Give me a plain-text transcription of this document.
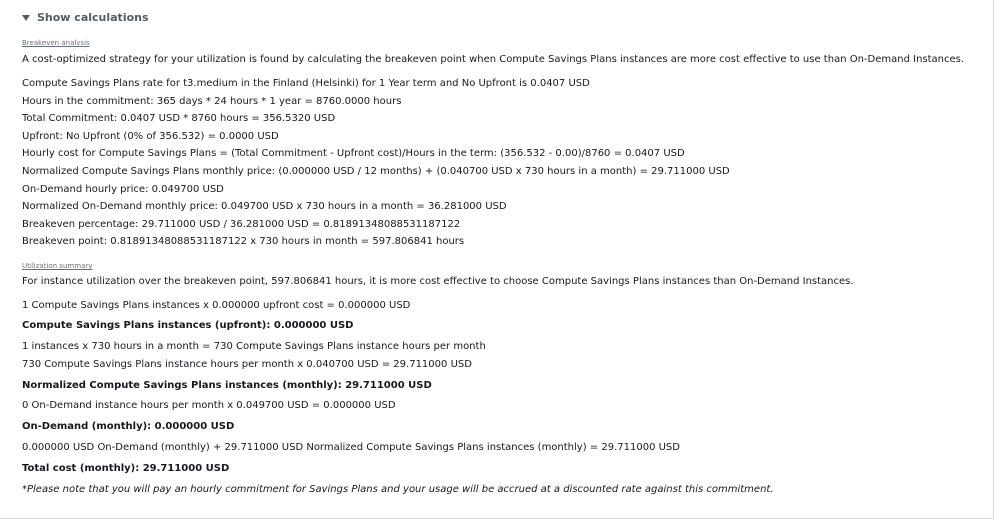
Show calculations
Breakeven analysis
A cost-optimized strategy for your utilization is found by calculating the breakeven point when Compute Savings Plans instances are more cost effective to use than On-Demand Instances.
Compute Savings Plans rate for t3.medium in the Finland (Helsinki) for 1 Year term and No Upfront is 0.0407 USD
Hours in the commitment: 365 days * 24 hours * 1 year = 8760.0000 hours
Total Commitment: 0.0407 USD * 8760 hours = 356.5320 USD
Upfront: No Upfront (0% of 356.532) = 0.0000 USD
Hourly cost for Compute Savings Plans = (Total Commitment - Upfront cost)/Hours in the term: (356.532 - 0.00)/8760 = 0.0407 USD
Normalized Compute Savings Plans monthly price: (0.000000 USD / 12 months) + (0.040700 USD x 730 hours in a month) = 29.711000 USD
On-Demand hourly price: 0.049700 USD
Normalized On-Demand monthly price: 0.049700 USD x 730 hours in a month = 36.281000 USD
Breakeven percentage: 29.711000 USD / 36.281000 USD = 0.81891348088531187122
Breakeven point: 0.81891348088531187122 x 730 hours in month = 597.806841 hours
Utilization summary
For instance utilization over the breakeven point, 597.806841 hours, it is more cost effective to choose Compute Savings Plans instances than On-Demand Instances.
1 Compute Savings Plans instances x 0.000000 upfront cost = 0.000000 USD
Compute Savings Plans instances (upfront): 0.000000 USD
1 instances x 730 hours in a month = 730 Compute Savings Plans instance hours per month
730 Compute Savings Plans instance hours per month x 0.040700 USD = 29.711000 USD
Normalized Compute Savings Plans instances (monthly): 29.711000 USD
0 On-Demand instance hours per month x 0.049700 USD = 0.000000 USD
On-Demand (monthly): 0.000000 USD
0.000000 USD On-Demand (monthly) + 29.711000 USD Normalized Compute Savings Plans instances (monthly) = 29.711000 USD
Total cost (monthly): 29.711000 USD
*Please note that you will pay an hourly commitment for Savings Plans and your usage will be accrued at a discounted rate against this commitment.
